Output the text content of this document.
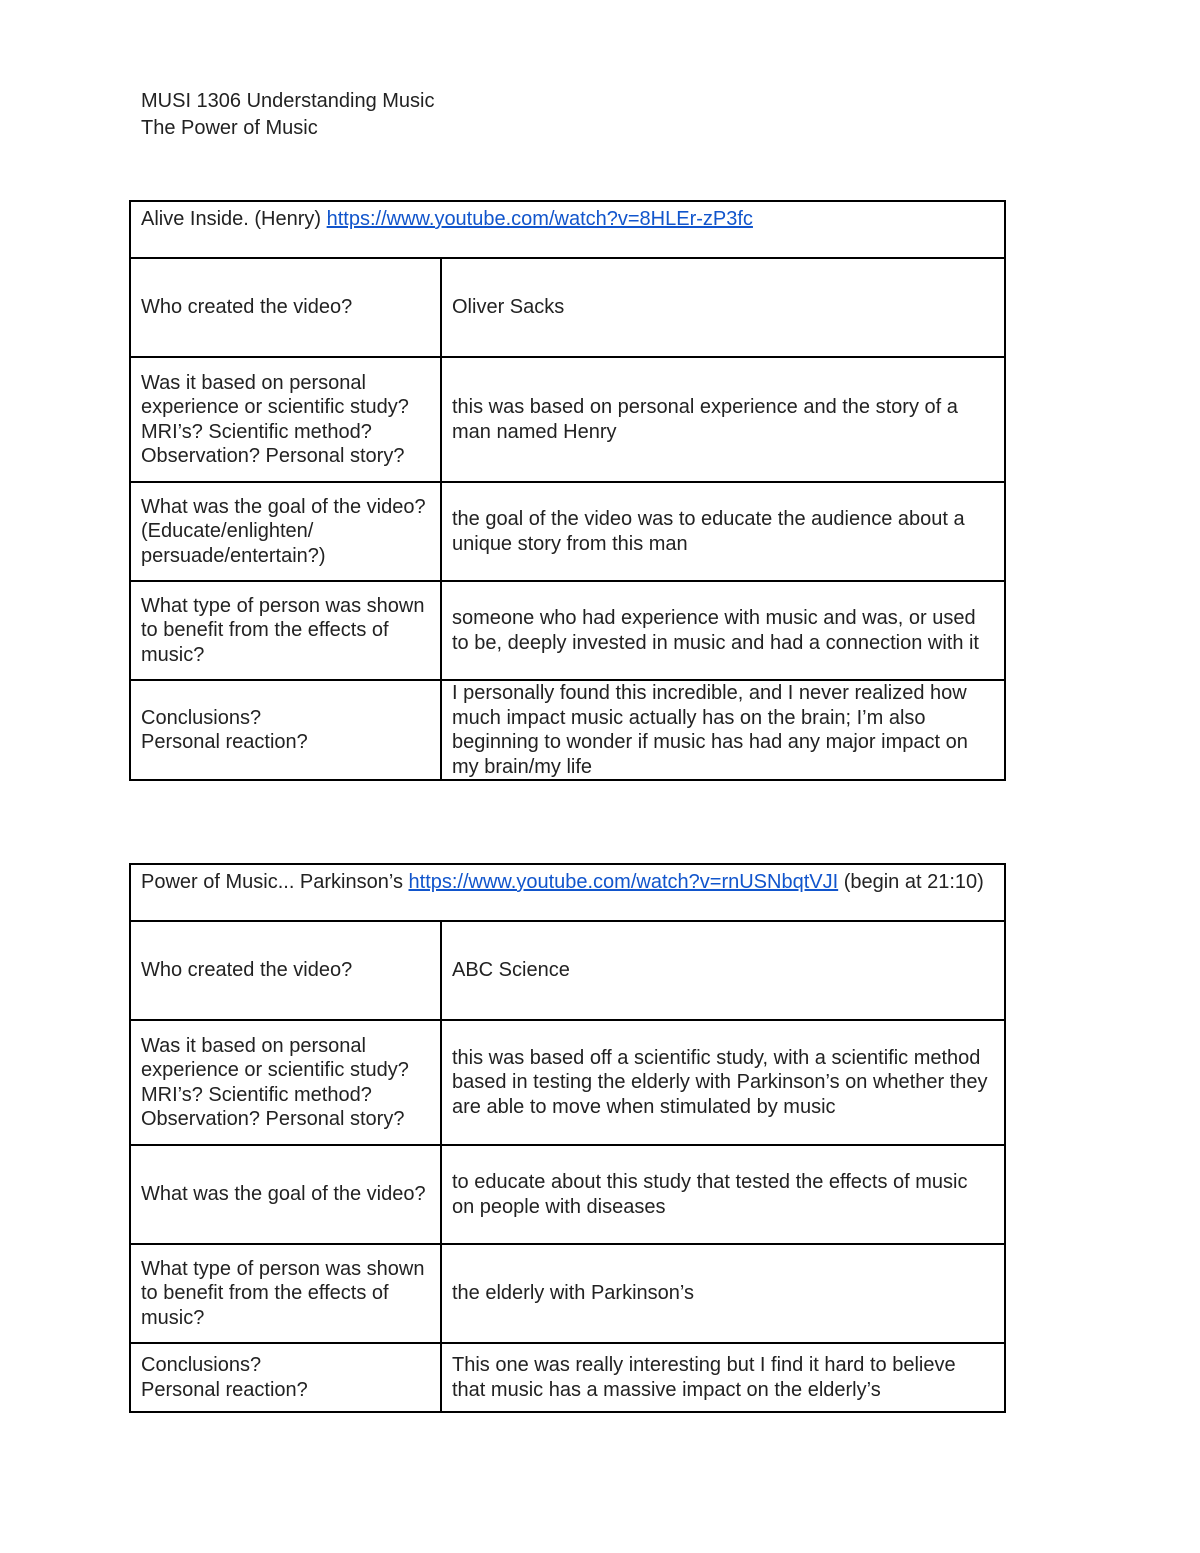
MUSI 1306 Understanding Music
The Power of Music
Alive Inside. (Henry) https://www.youtube.com/watch?v=8HLEr-zP3fc	
Who created the video?	Oliver Sacks
Was it based on personal experience or scientific study? MRI’s? Scientific method? Observation? Personal story?	this was based on personal experience and the story of a man named Henry
What was the goal of the video? (Educate/enlighten/ persuade/entertain?)	the goal of the video was to educate the audience about a unique story from this man
What type of person was shown to benefit from the effects of music?	someone who had experience with music and was, or used to be, deeply invested in music and had a connection with it
Conclusions?
Personal reaction?	I personally found this incredible, and I never realized how much impact music actually has on the brain; I’m also beginning to wonder if music has had any major impact on my brain/my life
Power of Music... Parkinson’s https://www.youtube.com/watch?v=rnUSNbqtVJI (begin at 21:10)	
Who created the video?	ABC Science
Was it based on personal experience or scientific study? MRI’s? Scientific method? Observation? Personal story?	this was based off a scientific study, with a scientific method based in testing the elderly with Parkinson’s on whether they are able to move when stimulated by music
What was the goal of the video?	to educate about this study that tested the effects of music on people with diseases
What type of person was shown to benefit from the effects of music?	the elderly with Parkinson’s
Conclusions?
Personal reaction?	This one was really interesting but I find it hard to believe that music has a massive impact on the elderly’s
